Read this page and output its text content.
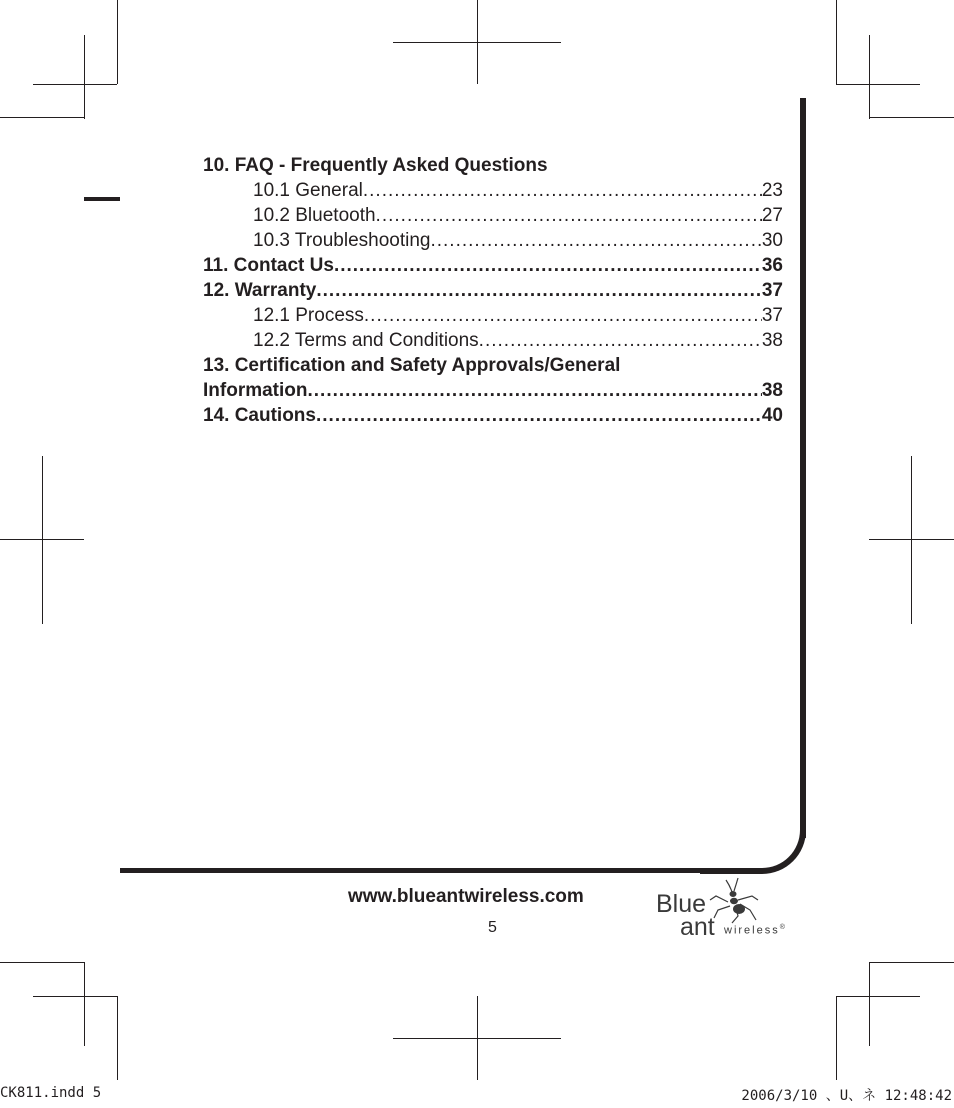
10. FAQ - Frequently Asked Questions
10.1 General .....	23
10.2 Bluetooth .....	27
10.3 Troubleshooting .....	30
11. Contact Us .....	36
12. Warranty .....	37
12.1 Process .....	37
12.2 Terms and Conditions .....	38
13. Certification and Safety Approvals/General
Information .....	38
14. Cautions .....	40
www.blueantwireless.com
5
Blue
ant wireless®
CK811.indd 5	2006/3/10 、U、ネ 12:48:42
